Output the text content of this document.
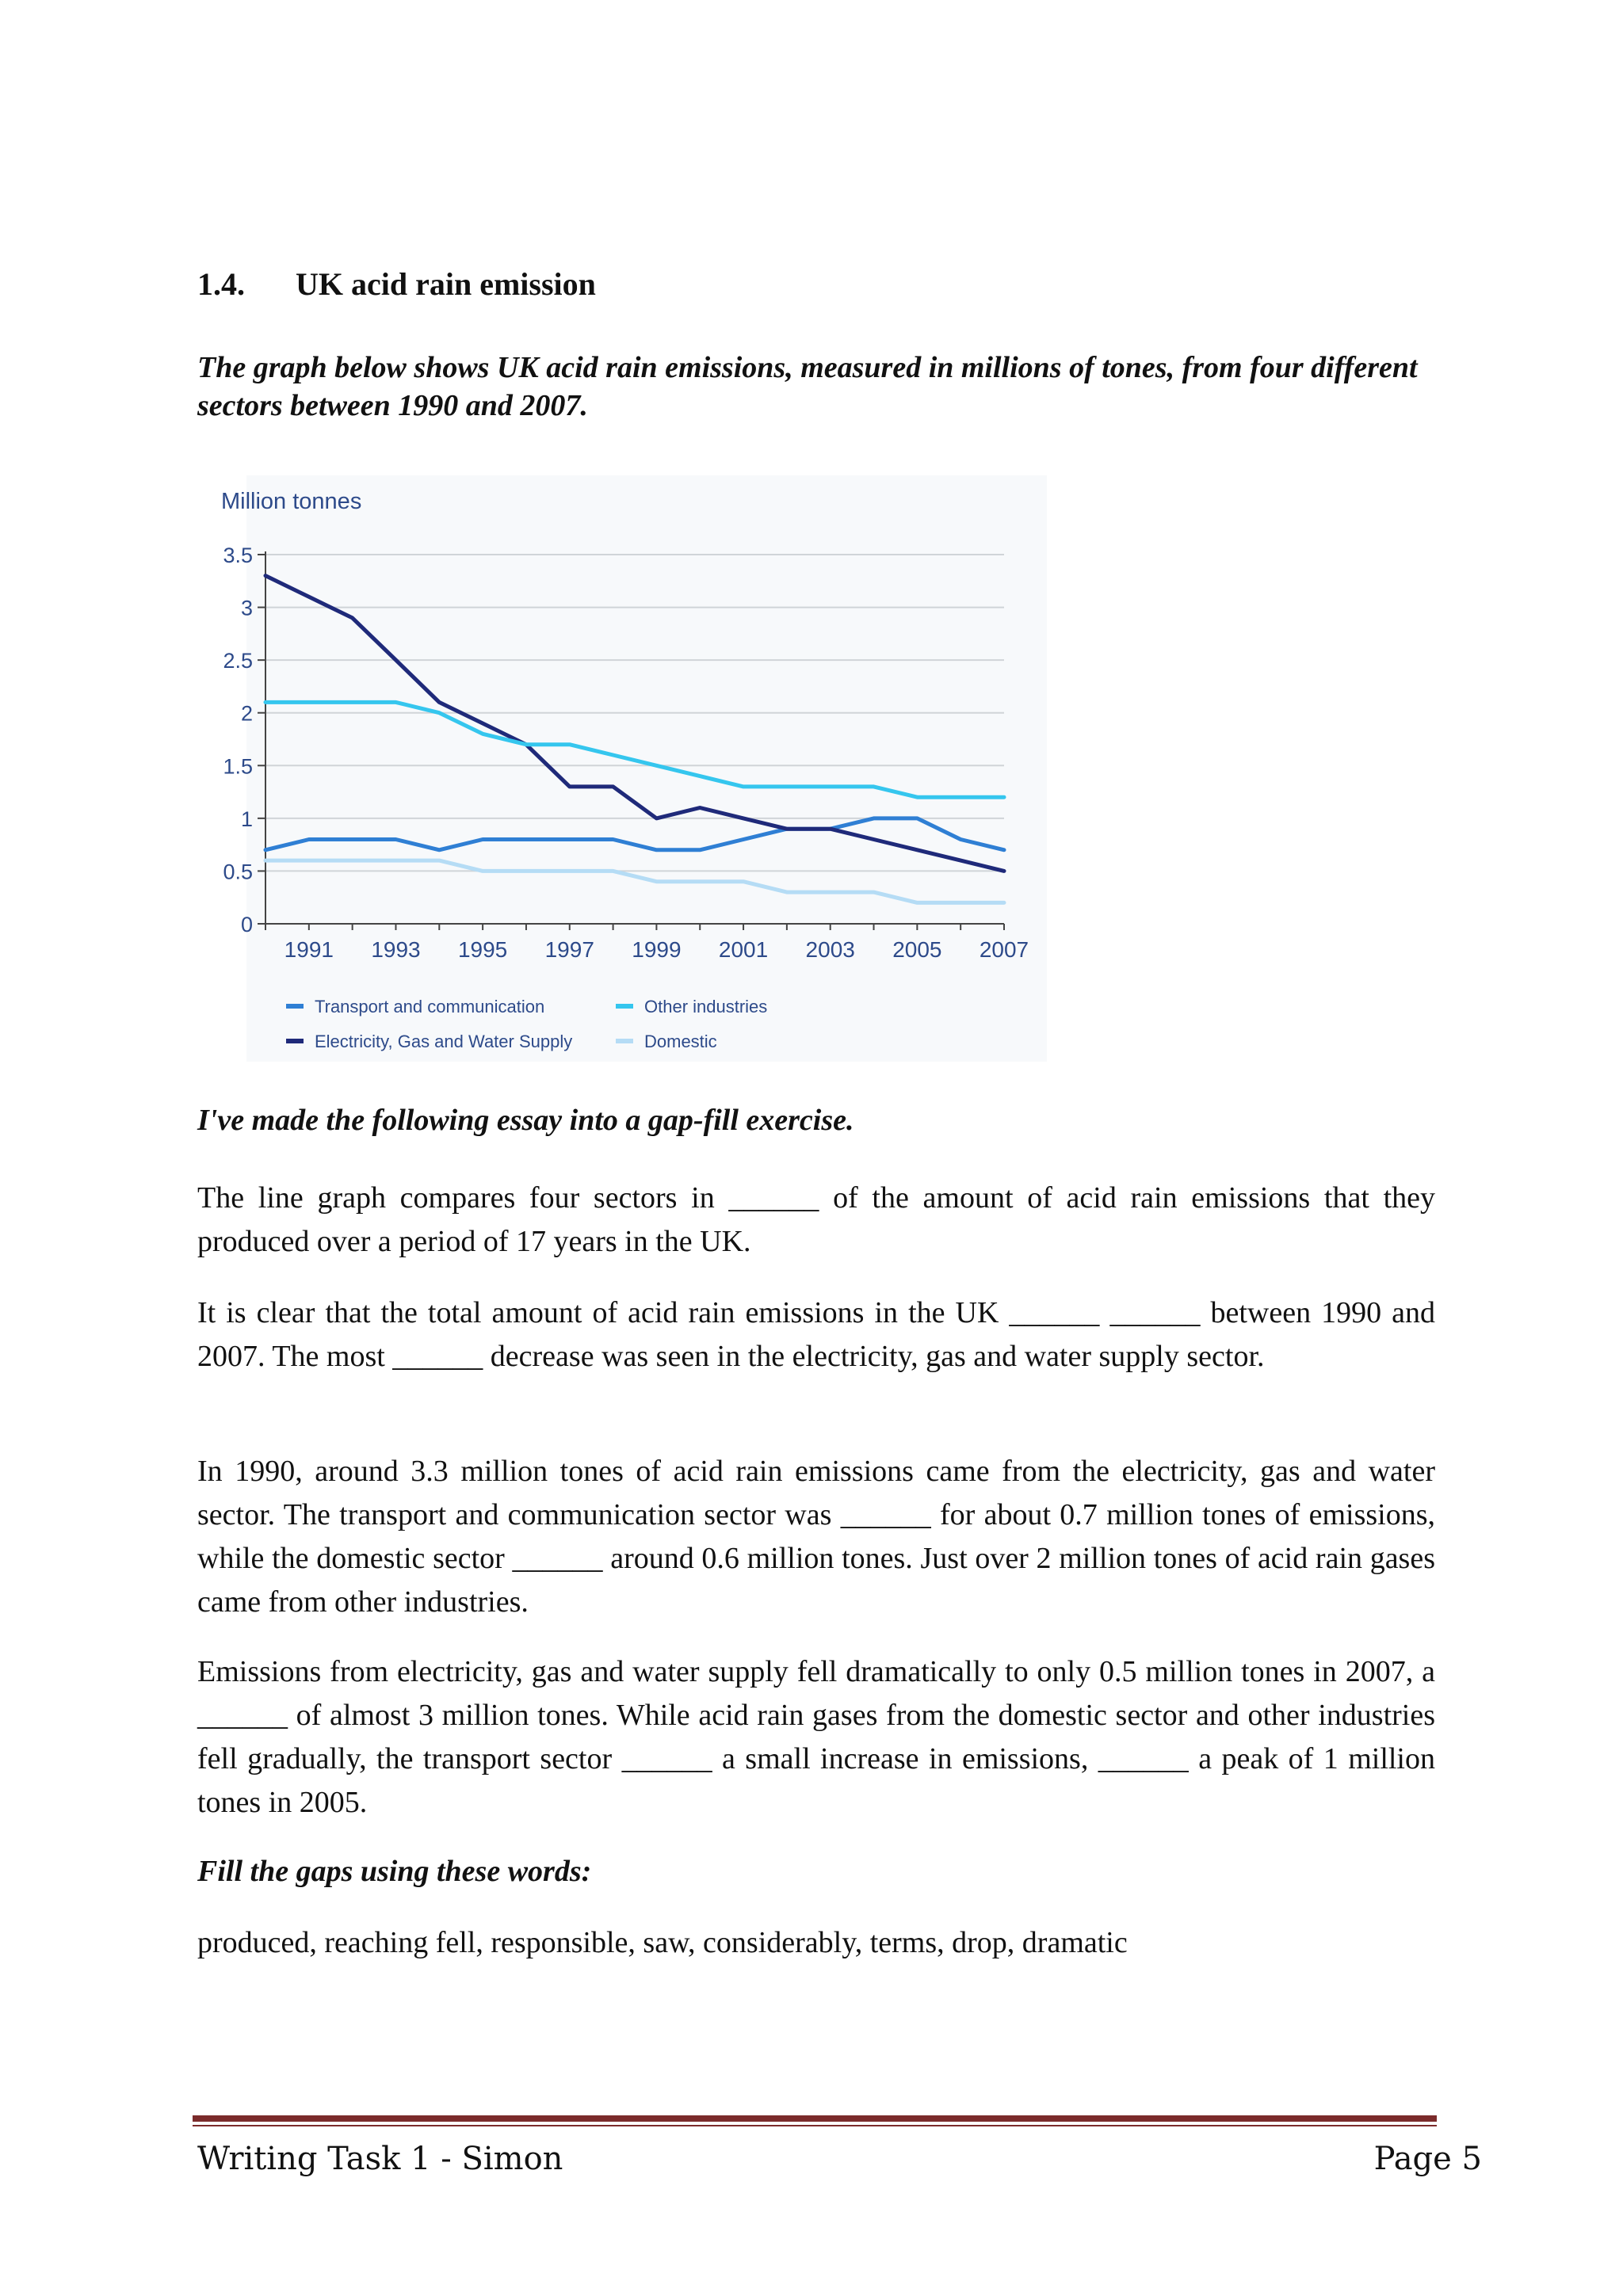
1.4. UK acid rain emission
The graph below shows UK acid rain emissions, measured in millions of tones, from four different sectors between 1990 and 2007.
Million tonnes
0
0.5
1
1.5
2
2.5
3
3.5
1991 1993 1995 1997 1999 2001 2003 2005 2007
Transport and communication	Other industries
Electricity, Gas and Water Supply	Domestic
I've made the following essay into a gap-fill exercise.

The line graph compares four sectors in ______ of the amount of acid rain emissions that they produced over a period of 17 years in the UK.

It is clear that the total amount of acid rain emissions in the UK ______ ______ between 1990 and 2007. The most ______ decrease was seen in the electricity, gas and water supply sector.

In 1990, around 3.3 million tones of acid rain emissions came from the electricity, gas and water sector. The transport and communication sector was ______ for about 0.7 million tones of emissions, while the domestic sector ______ around 0.6 million tones. Just over 2 million tones of acid rain gases came from other industries.

Emissions from electricity, gas and water supply fell dramatically to only 0.5 million tones in 2007, a ______ of almost 3 million tones. While acid rain gases from the domestic sector and other industries fell gradually, the transport sector ______ a small increase in emissions, ______ a peak of 1 million tones in 2005.

Fill the gaps using these words:
produced, reaching fell, responsible, saw, considerably, terms, drop, dramatic
Writing Task 1 - Simon	Page 5
